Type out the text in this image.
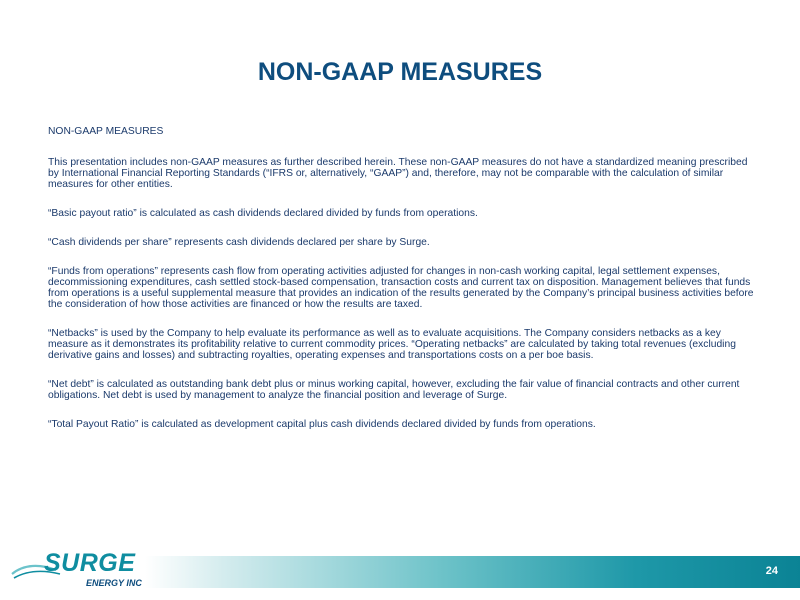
NON-GAAP MEASURES

NON-GAAP MEASURES

This presentation includes non-GAAP measures as further described herein. These non-GAAP measures do not have a standardized meaning prescribed by International Financial Reporting Standards (“IFRS or, alternatively, “GAAP”) and, therefore, may not be comparable with the calculation of similar measures for other entities.

“Basic payout ratio” is calculated as cash dividends declared divided by funds from operations.

“Cash dividends per share” represents cash dividends declared per share by Surge.

“Funds from operations” represents cash flow from operating activities adjusted for changes in non-cash working capital, legal settlement expenses, decommissioning expenditures, cash settled stock-based compensation, transaction costs and current tax on disposition. Management believes that funds from operations is a useful supplemental measure that provides an indication of the results generated by the Company’s principal business activities before the consideration of how those activities are financed or how the results are taxed.

“Netbacks” is used by the Company to help evaluate its performance as well as to evaluate acquisitions. The Company considers netbacks as a key measure as it demonstrates its profitability relative to current commodity prices. “Operating netbacks” are calculated by taking total revenues (excluding derivative gains and losses) and subtracting royalties, operating expenses and transportations costs on a per boe basis.

“Net debt” is calculated as outstanding bank debt plus or minus working capital, however, excluding the fair value of financial contracts and other current obligations. Net debt is used by management to analyze the financial position and leverage of Surge.

“Total Payout Ratio” is calculated as development capital plus cash dividends declared divided by funds from operations.

24
SURGE
ENERGY INC
